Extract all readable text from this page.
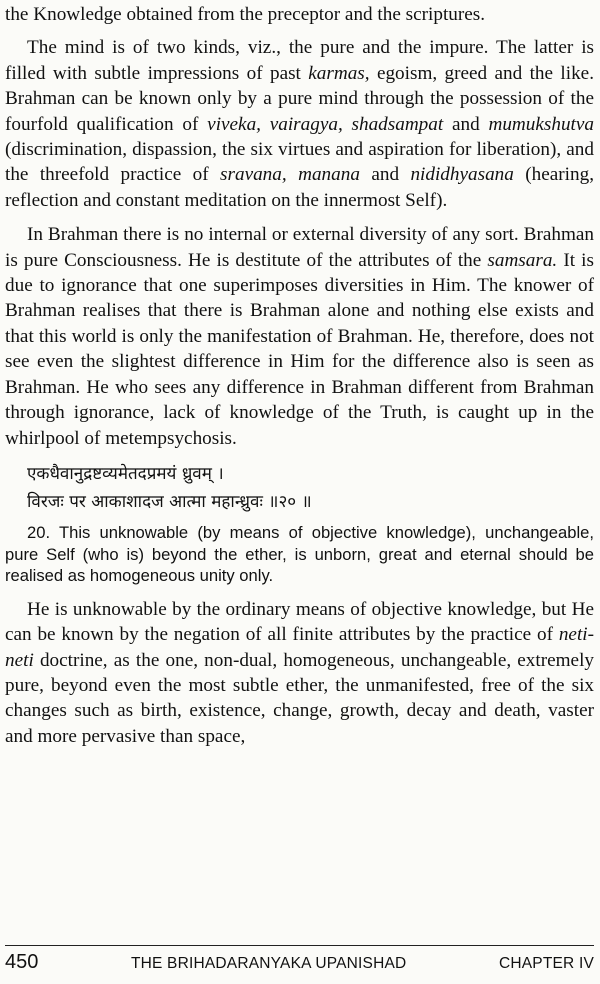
the Knowledge obtained from the preceptor and the scriptures.

The mind is of two kinds, viz., the pure and the impure. The latter is filled with subtle impressions of past karmas, egoism, greed and the like. Brahman can be known only by a pure mind through the possession of the fourfold qualification of viveka, vairagya, shadsampat and mumukshutva (discrimination, dispassion, the six virtues and aspiration for liberation), and the threefold practice of sravana, manana and nididhyasana (hearing, reflection and constant meditation on the innermost Self).

In Brahman there is no internal or external diversity of any sort. Brahman is pure Consciousness. He is destitute of the attributes of the samsara. It is due to ignorance that one superimposes diversities in Him. The knower of Brahman realises that there is Brahman alone and nothing else exists and that this world is only the manifestation of Brahman. He, therefore, does not see even the slightest difference in Him for the difference also is seen as Brahman. He who sees any difference in Brahman different from Brahman through ignorance, lack of knowledge of the Truth, is caught up in the whirlpool of metempsychosis.

एकधैवानुद्रष्टव्यमेतदप्रमयं ध्रुवम् ।
विरजः पर आकाशादज आत्मा महान्ध्रुवः ॥२० ॥

20. This unknowable (by means of objective knowledge), unchangeable, pure Self (who is) beyond the ether, is unborn, great and eternal should be realised as homogeneous unity only.

He is unknowable by the ordinary means of objective knowledge, but He can be known by the negation of all finite attributes by the practice of neti-neti doctrine, as the one, non-dual, homogeneous, unchangeable, extremely pure, beyond even the most subtle ether, the unmanifested, free of the six changes such as birth, existence, change, growth, decay and death, vaster and more pervasive than space,

450	THE BRIHADARANYAKA UPANISHAD	CHAPTER IV
